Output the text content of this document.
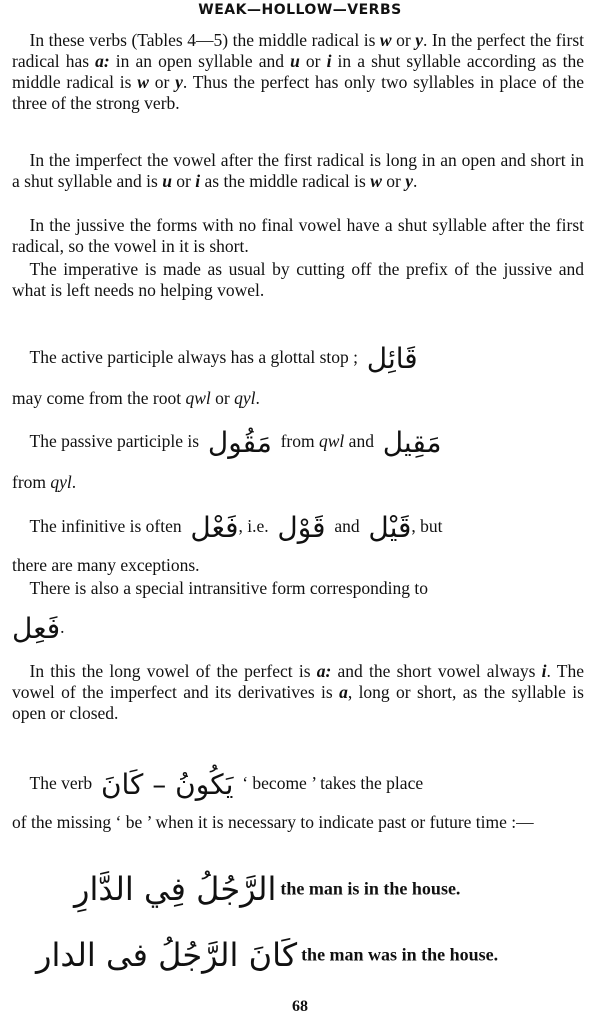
WEAK—HOLLOW—VERBS
 In these verbs (Tables 4—5) the middle radical is w or y. In the perfect the first radical has a: in an open syllable and u or i in a shut syllable according as the middle radical is w or y. Thus the perfect has only two syllables in place of the three of the strong verb.
 In the imperfect the vowel after the first radical is long in an open and short in a shut syllable and is u or i as the middle radical is w or y.
 In the jussive the forms with no final vowel have a shut syllable after the first radical, so the vowel in it is short.
 The imperative is made as usual by cutting off the prefix of the jussive and what is left needs no helping vowel.
 The active participle always has a glottal stop ;  قَائِل
may come from the root qwl or qyl.
 The passive participle is  مَقُول  from qwl and  مَقِيل
from qyl.
 The infinitive is often  فَعْل, i.e.  قَوْل  and  قَيْل, but
there are many exceptions.
 There is also a special intransitive form corresponding to
فَعِل.
 In this the long vowel of the perfect is a: and the short vowel always i. The vowel of the imperfect and its derivatives is a, long or short, as the syllable is open or closed.
 The verb  يَكُونُ – كَانَ  ‘ become ’ takes the place
of the missing ‘ be ’ when it is necessary to indicate past or future time :—
الرَّجُلُ فِي الدَّارِ the man is in the house.
كَانَ الرَّجُلُ فى الدار the man was in the house.
68
